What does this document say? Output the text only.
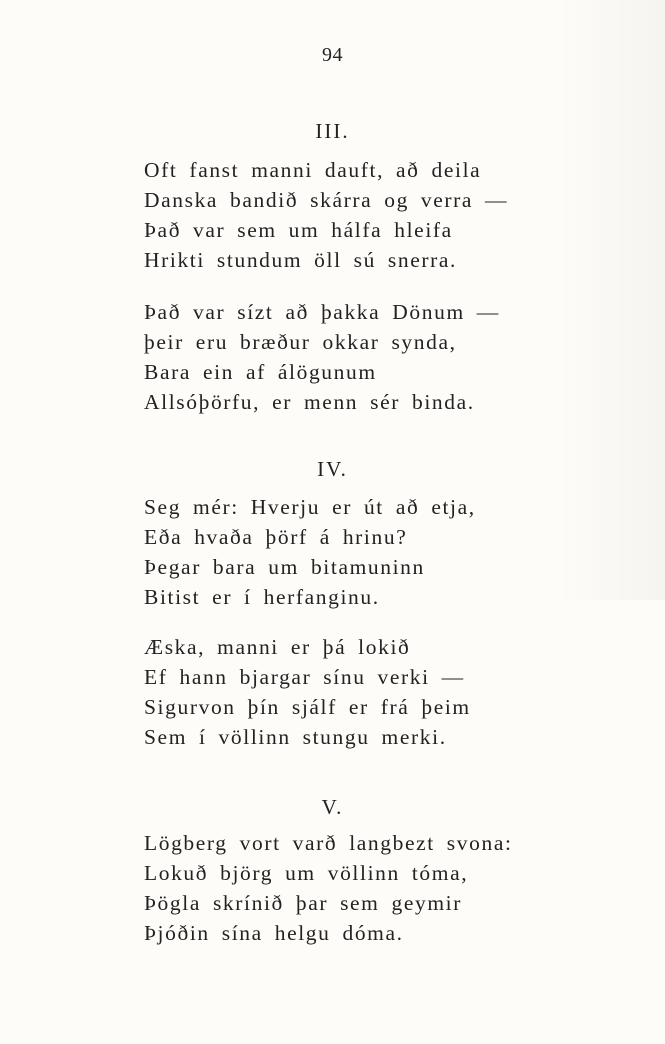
94
III.
Oft fanst manni dauft, að deila
Danska bandið skárra og verra —
Það var sem um hálfa hleifa
Hrikti stundum öll sú snerra.
Það var sízt að þakka Dönum —
þeir eru bræður okkar synda,
Bara ein af álögunum
Allsóþörfu, er menn sér binda.
IV.
Seg mér: Hverju er út að etja,
Eða hvaða þörf á hrinu?
Þegar bara um bitamuninn
Bitist er í herfanginu.
Æska, manni er þá lokið
Ef hann bjargar sínu verki —
Sigurvon þín sjálf er frá þeim
Sem í völlinn stungu merki.
V.
Lögberg vort varð langbezt svona:
Lokuð björg um völlinn tóma,
Þögla skrínið þar sem geymir
Þjóðin sína helgu dóma.
